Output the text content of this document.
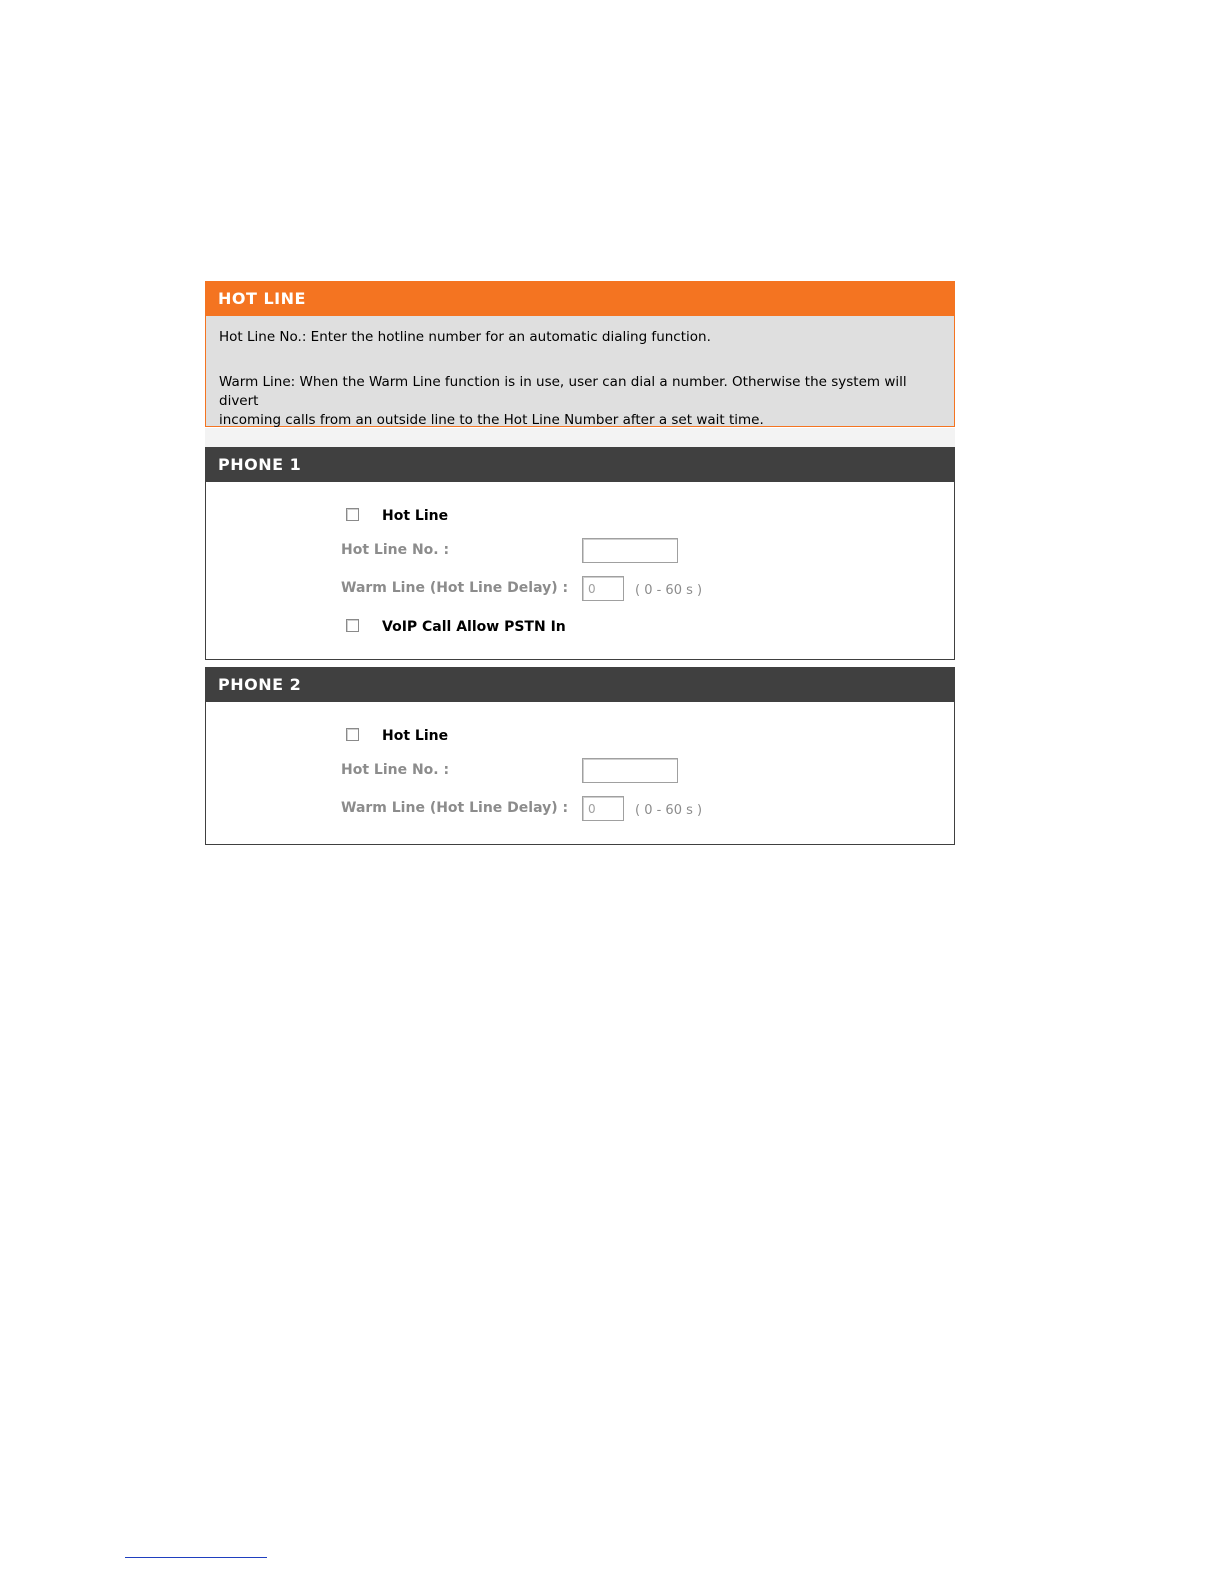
HOT LINE

Hot Line No.: Enter the hotline number for an automatic dialing function.

Warm Line: When the Warm Line function is in use, user can dial a number. Otherwise the system will divert

incoming calls from an outside line to the Hot Line Number after a set wait time.

PHONE 1
Hot Line
Hot Line No. :
Warm Line (Hot Line Delay) :
0	( 0 - 60 s )
VoIP Call Allow PSTN In
PHONE 2
Hot Line
Hot Line No. :
Warm Line (Hot Line Delay) :
0	( 0 - 60 s )
